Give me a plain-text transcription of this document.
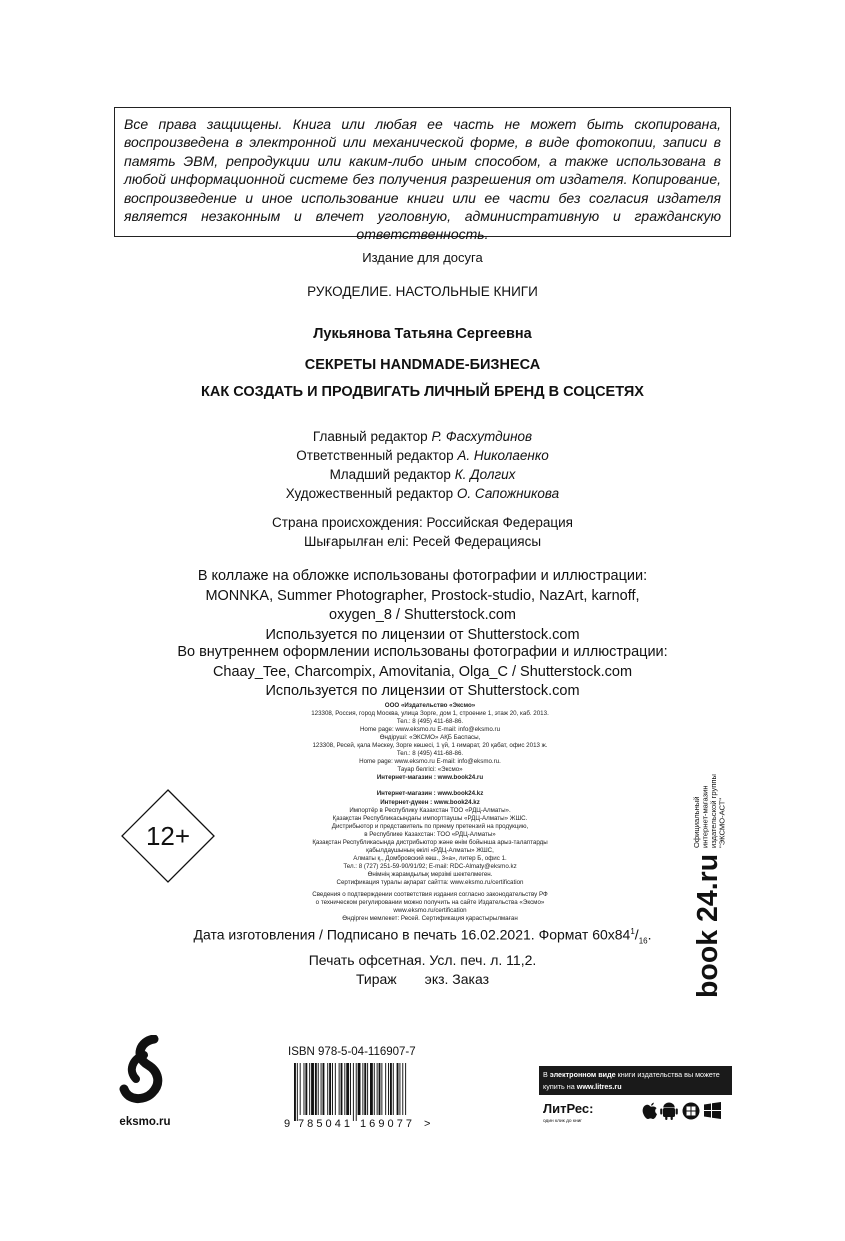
Все права защищены. Книга или любая ее часть не может быть скопирована, воспроизведена в электронной или механической форме, в виде фотокопии, записи в память ЭВМ, репродукции или каким-либо иным способом, а также использована в любой информационной системе без получения разрешения от издателя. Копирование, воспроизведение и иное использование книги или ее части без согласия издателя является незаконным и влечет уголовную, административную и гражданскую ответственность.
Издание для досуга
РУКОДЕЛИЕ. НАСТОЛЬНЫЕ КНИГИ
Лукьянова Татьяна Сергеевна
СЕКРЕТЫ HANDMADE-БИЗНЕСА
КАК СОЗДАТЬ И ПРОДВИГАТЬ ЛИЧНЫЙ БРЕНД В СОЦСЕТЯХ
Главный редактор Р. Фасхутдинов
Ответственный редактор А. Николаенко
Младший редактор К. Долгих
Художественный редактор О. Сапожникова
Страна происхождения: Российская Федерация
Шығарылған елі: Ресей Федерациясы
В коллаже на обложке использованы фотографии и иллюстрации:
MONNKA, Summer Photographer, Prostock-studio, NazArt, karnoff,
oxygen_8 / Shutterstock.com
Используется по лицензии от Shutterstock.com
Во внутреннем оформлении использованы фотографии и иллюстрации:
Chaay_Tee, Charcompix, Amovitania, Olga_C / Shutterstock.com
Используется по лицензии от Shutterstock.com
ООО «Издательство «Эксмо»
123308, Россия, город Москва, улица Зорге, дом 1, строение 1, этаж 20, каб. 2013.
Тел.: 8 (495) 411-68-86.
Home page: www.eksmo.ru E-mail: info@eksmo.ru
Өндіруші: «ЭКСМО» АҚБ Баспасы,
123308, Ресей, қала Мәскеу, Зорге көшесі, 1 үй, 1 ғимарат, 20 қабат, офис 2013 ж.
Тел.: 8 (495) 411-68-86.
Home page: www.eksmo.ru E-mail: info@eksmo.ru.
Тауар белгісі: «Эксмо»
Интернет-магазин : www.book24.ru
Интернет-магазин : www.book24.kz
Интернет-дүкен : www.book24.kz
Импортёр в Республику Казахстан ТОО «РДЦ-Алматы».
Қазақстан Республикасындағы импорттаушы «РДЦ-Алматы» ЖШС.
Дистрибьютор и представитель по приему претензий на продукцию,
в Республике Казахстан: ТОО «РДЦ-Алматы»
Қазақстан Республикасында дистрибьютор және өнім бойынша арыз-талаптарды
қабылдаушының өкілі «РДЦ-Алматы» ЖШС,
Алматы қ., Домбровский көш., 3«а», литер Б, офис 1.
Тел.: 8 (727) 251-59-90/91/92; E-mail: RDC-Almaty@eksmo.kz
Өнімнің жарамдылық мерзімі шектелмеген.
Сертификация туралы ақпарат сайтта: www.eksmo.ru/certification
Сведения о подтверждении соответствия издания согласно законодательству РФ
о техническом регулировании можно получить на сайте Издательства «Эксмо»
www.eksmo.ru/certification
Өндірген мемлекет: Ресей. Сертификация қарастырылмаған
12+	Официальный интернет-магазин издательской группы "ЭКСМО-АСТ"
book 24.ru
Дата изготовления / Подписано в печать 16.02.2021. Формат $60x84^1/_{16}$.
Печать офсетная. Усл. печ. л. 11,2.
Тираж экз. Заказ
eksmo.ru
ISBN 978-5-04-116907-7
9 785041 169077 >
В электронном виде книги издательства вы можете
купить на www.litres.ru
ЛитРес:
один клик до книг
